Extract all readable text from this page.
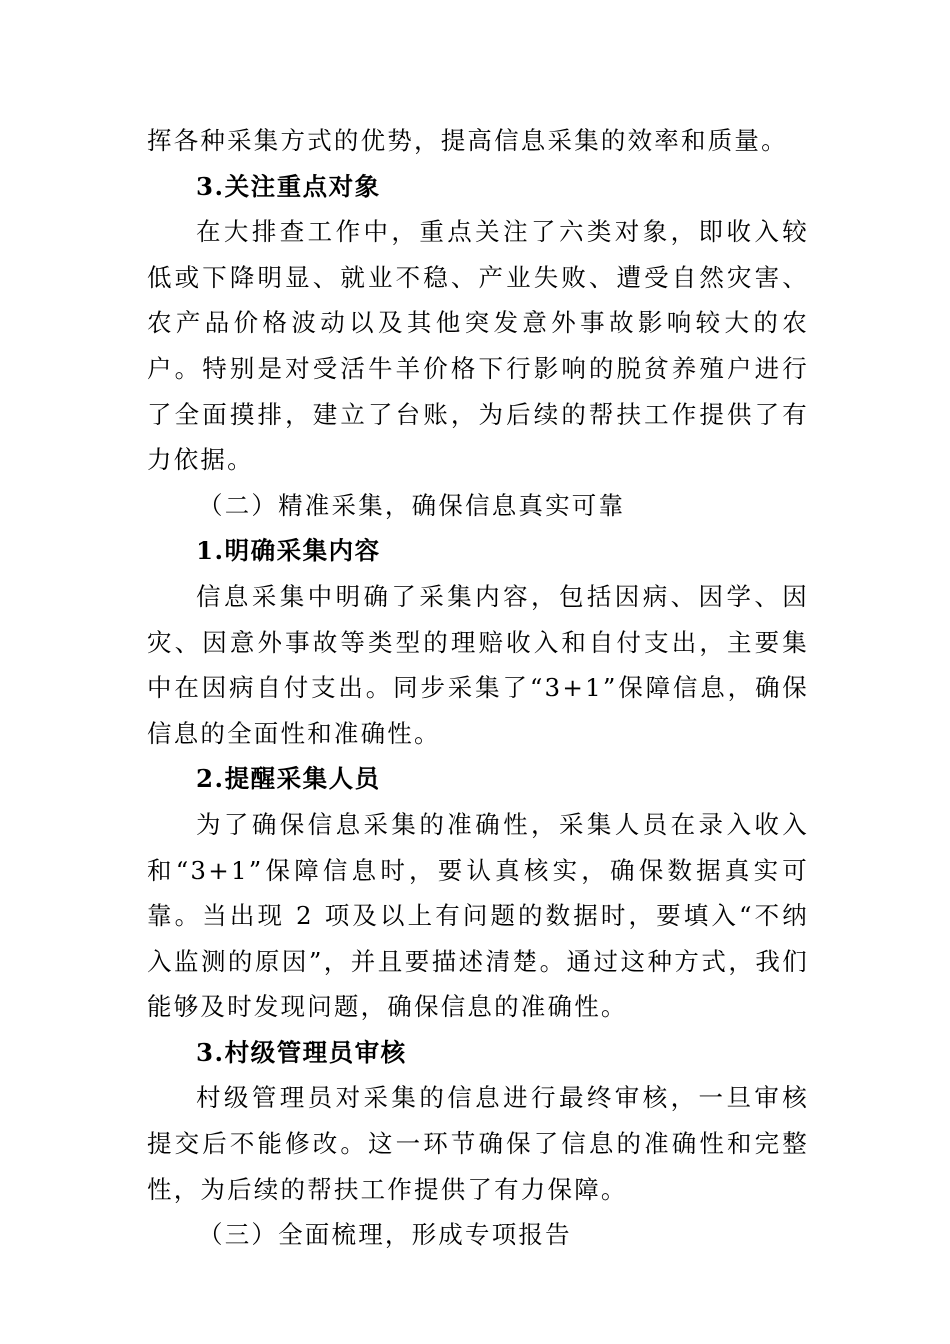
挥各种采集方式的优势，提高信息采集的效率和质量。

3.关注重点对象

在大排查工作中，重点关注了六类对象，即收入较低或下降明显、就业不稳、产业失败、遭受自然灾害、农产品价格波动以及其他突发意外事故影响较大的农户。特别是对受活牛羊价格下行影响的脱贫养殖户进行了全面摸排，建立了台账，为后续的帮扶工作提供了有力依据。

（二）精准采集，确保信息真实可靠

1.明确采集内容

信息采集中明确了采集内容，包括因病、因学、因灾、因意外事故等类型的理赔收入和自付支出，主要集中在因病自付支出。同步采集了“3+1”保障信息，确保信息的全面性和准确性。

2.提醒采集人员

为了确保信息采集的准确性，采集人员在录入收入和“3+1”保障信息时，要认真核实，确保数据真实可靠。当出现 2 项及以上有问题的数据时，要填入“不纳入监测的原因”，并且要描述清楚。通过这种方式，我们能够及时发现问题，确保信息的准确性。

3.村级管理员审核

村级管理员对采集的信息进行最终审核，一旦审核提交后不能修改。这一环节确保了信息的准确性和完整性，为后续的帮扶工作提供了有力保障。

（三）全面梳理，形成专项报告
